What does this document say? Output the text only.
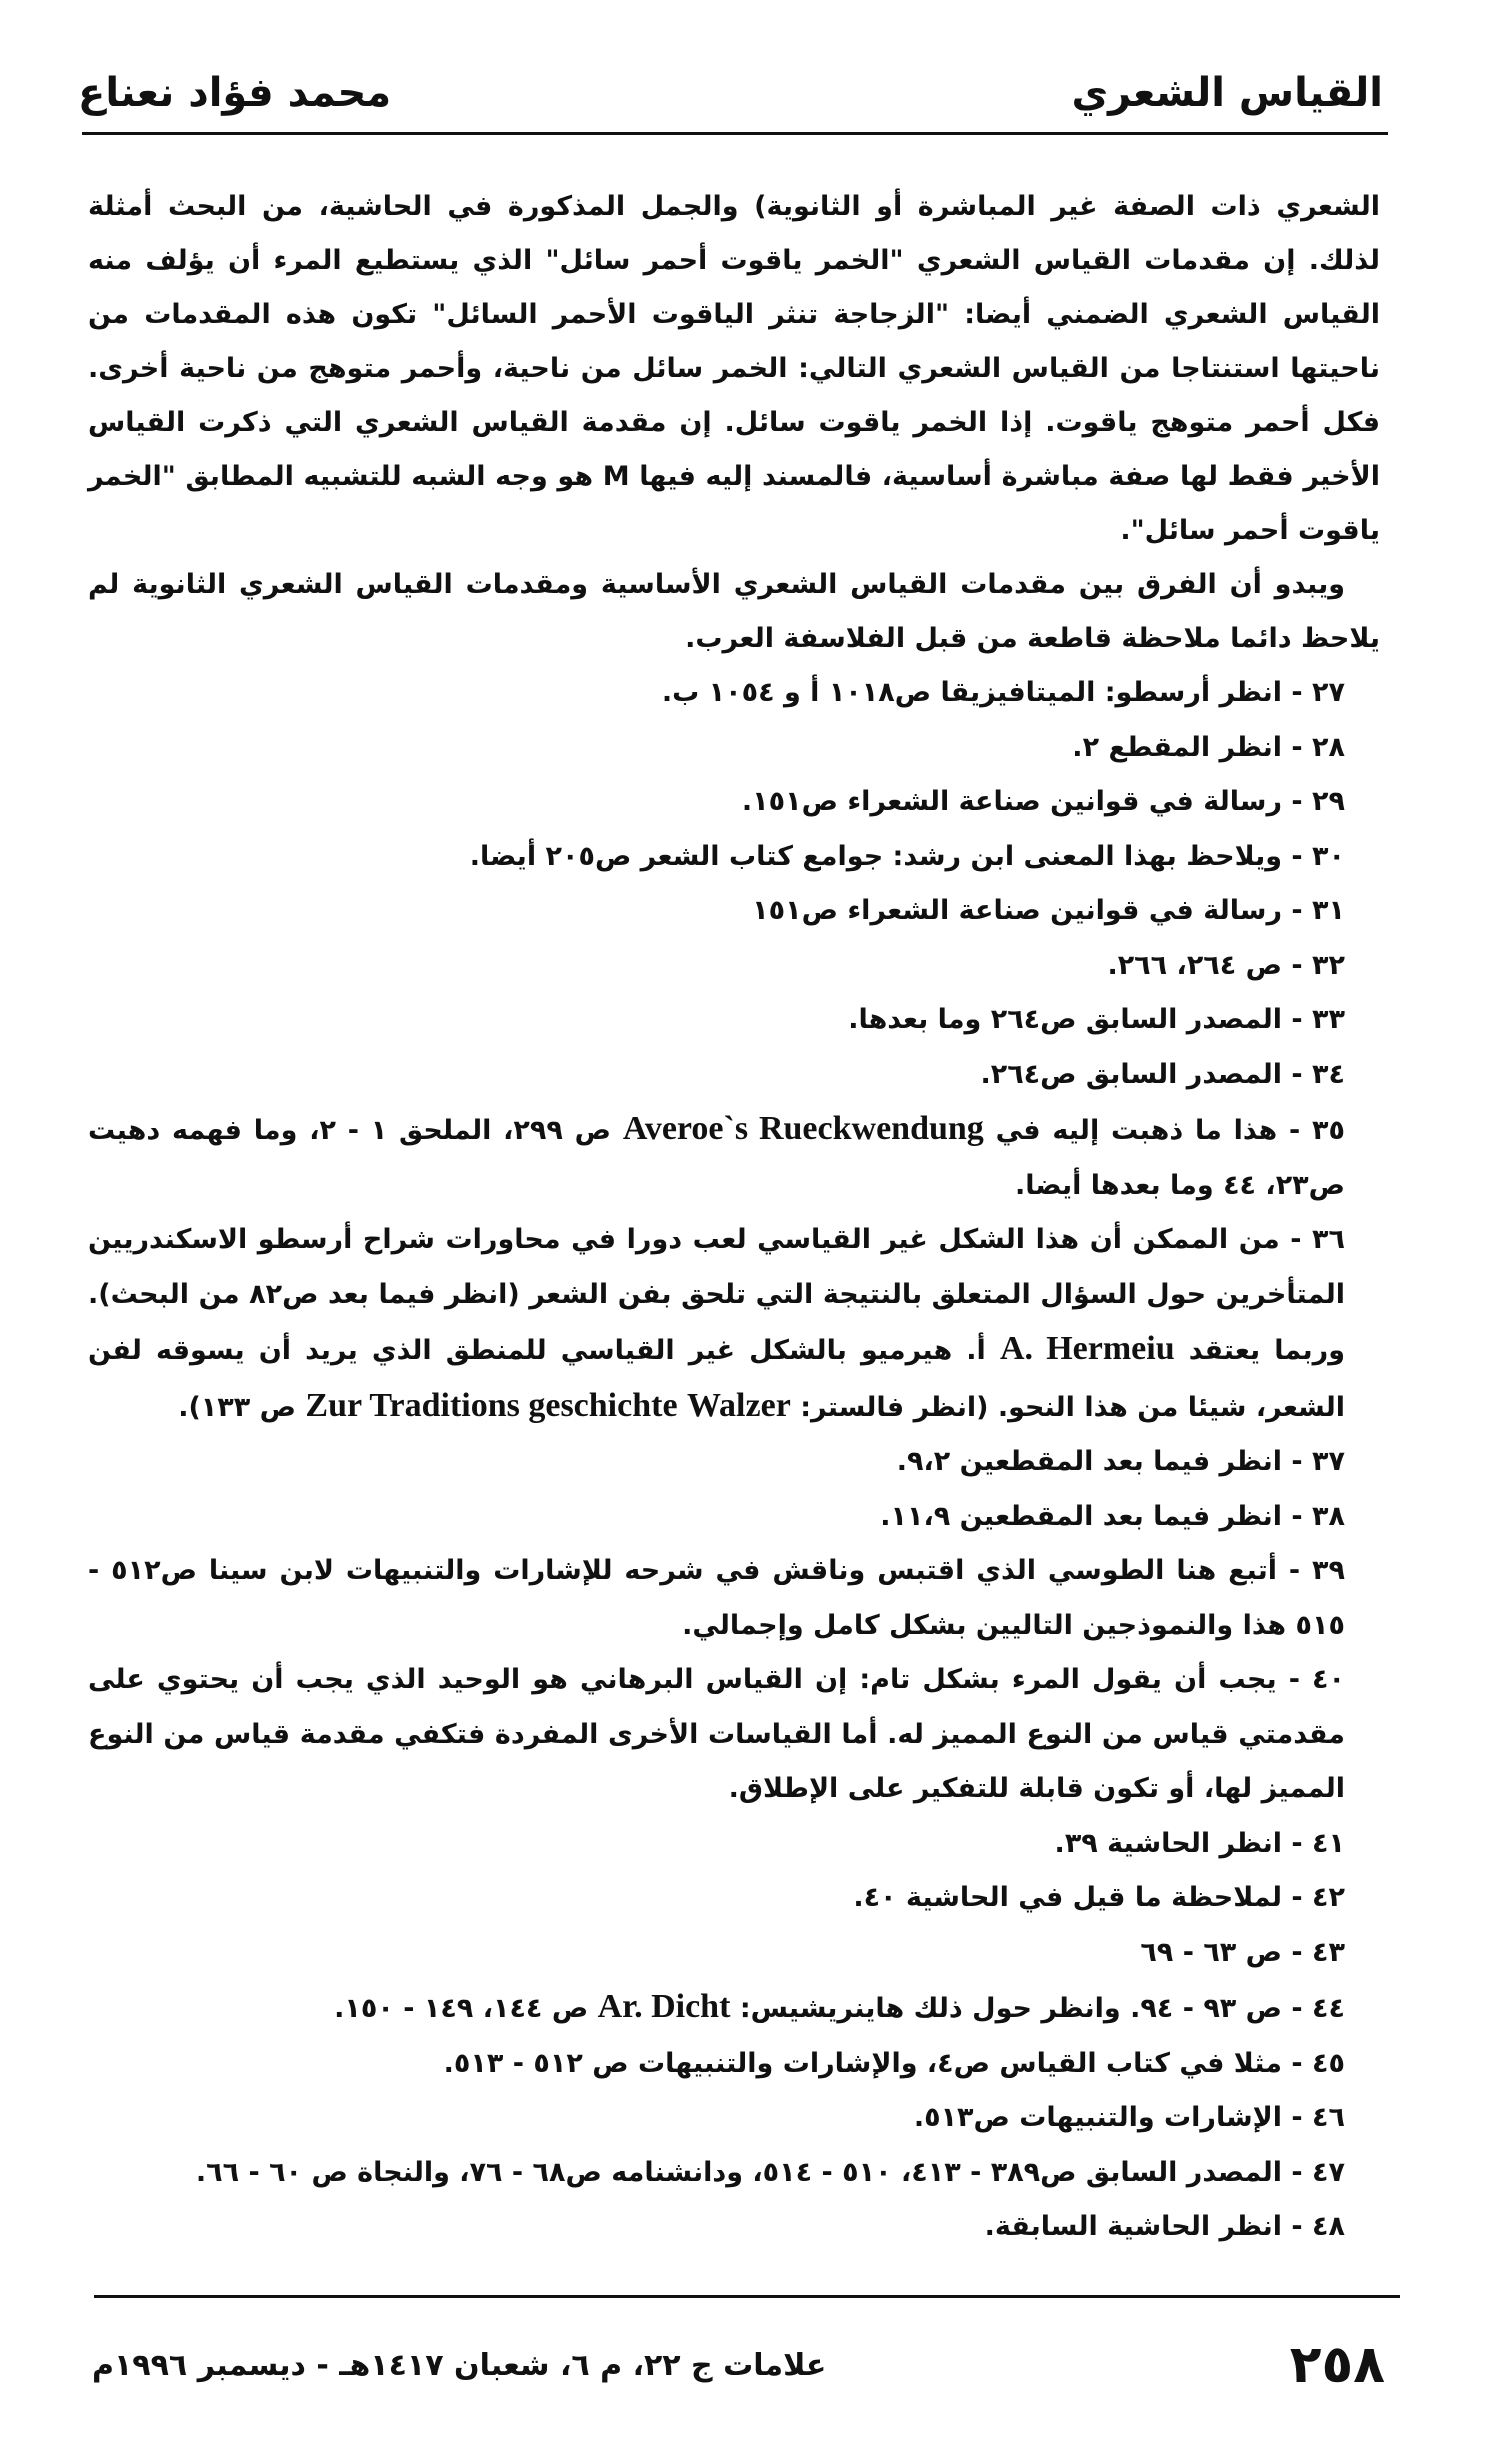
القياس الشعري
محمد فؤاد نعناع

الشعري ذات الصفة غير المباشرة أو الثانوية) والجمل المذكورة في الحاشية، من البحث أمثلة لذلك. إن مقدمات القياس الشعري "الخمر ياقوت أحمر سائل" الذي يستطيع المرء أن يؤلف منه القياس الشعري الضمني أيضا: "الزجاجة تنثر الياقوت الأحمر السائل" تكون هذه المقدمات من ناحيتها استنتاجا من القياس الشعري التالي: الخمر سائل من ناحية، وأحمر متوهج من ناحية أخرى. فكل أحمر متوهج ياقوت. إذا الخمر ياقوت سائل. إن مقدمة القياس الشعري التي ذكرت القياس الأخير فقط لها صفة مباشرة أساسية، فالمسند إليه فيها M هو وجه الشبه للتشبيه المطابق "الخمر ياقوت أحمر سائل".

ويبدو أن الفرق بين مقدمات القياس الشعري الأساسية ومقدمات القياس الشعري الثانوية لم يلاحظ دائما ملاحظة قاطعة من قبل الفلاسفة العرب.

٢٧ - انظر أرسطو: الميتافيزيقا ص١٠١٨ أ و ١٠٥٤ ب.

٢٨ - انظر المقطع ٢.

٢٩ - رسالة في قوانين صناعة الشعراء ص١٥١.

٣٠ - ويلاحظ بهذا المعنى ابن رشد: جوامع كتاب الشعر ص٢٠٥ أيضا.

٣١ - رسالة في قوانين صناعة الشعراء ص١٥١

٣٢ - ص ٢٦٤، ٢٦٦.

٣٣ - المصدر السابق ص٢٦٤ وما بعدها.

٣٤ - المصدر السابق ص٢٦٤.

٣٥ - هذا ما ذهبت إليه في Averoe`s Rueckwendung ص ٢٩٩، الملحق ١ - ٢، وما فهمه دهيت ص٢٣، ٤٤ وما بعدها أيضا.

٣٦ - من الممكن أن هذا الشكل غير القياسي لعب دورا في محاورات شراح أرسطو الاسكندريين المتأخرين حول السؤال المتعلق بالنتيجة التي تلحق بفن الشعر (انظر فيما بعد ص٨٢ من البحث). وربما يعتقد A. Hermeiu أ. هيرميو بالشكل غير القياسي للمنطق الذي يريد أن يسوقه لفن الشعر، شيئا من هذا النحو. (انظر فالستر: Walzer Zur Traditions geschichte ص ١٣٣).

٣٧ - انظر فيما بعد المقطعين ٩،٢.

٣٨ - انظر فيما بعد المقطعين ١١،٩.

٣٩ - أتبع هنا الطوسي الذي اقتبس وناقش في شرحه للإشارات والتنبيهات لابن سينا ص٥١٢ - ٥١٥ هذا والنموذجين التاليين بشكل كامل وإجمالي.

٤٠ - يجب أن يقول المرء بشكل تام: إن القياس البرهاني هو الوحيد الذي يجب أن يحتوي على مقدمتي قياس من النوع المميز له. أما القياسات الأخرى المفردة فتكفي مقدمة قياس من النوع المميز لها، أو تكون قابلة للتفكير على الإطلاق.

٤١ - انظر الحاشية ٣٩.

٤٢ - لملاحظة ما قيل في الحاشية ٤٠.

٤٣ - ص ٦٣ - ٦٩

٤٤ - ص ٩٣ - ٩٤. وانظر حول ذلك هاينريشيس: Ar. Dicht ص ١٤٤، ١٤٩ - ١٥٠.

٤٥ - مثلا في كتاب القياس ص٤، والإشارات والتنبيهات ص ٥١٢ - ٥١٣.

٤٦ - الإشارات والتنبيهات ص٥١٣.

٤٧ - المصدر السابق ص٣٨٩ - ٤١٣، ٥١٠ - ٥١٤، ودانشنامه ص٦٨ - ٧٦، والنجاة ص ٦٠ - ٦٦.

٤٨ - انظر الحاشية السابقة.

٢٥٨
علامات ج ٢٢، م ٦، شعبان ١٤١٧هـ - ديسمبر ١٩٩٦م
